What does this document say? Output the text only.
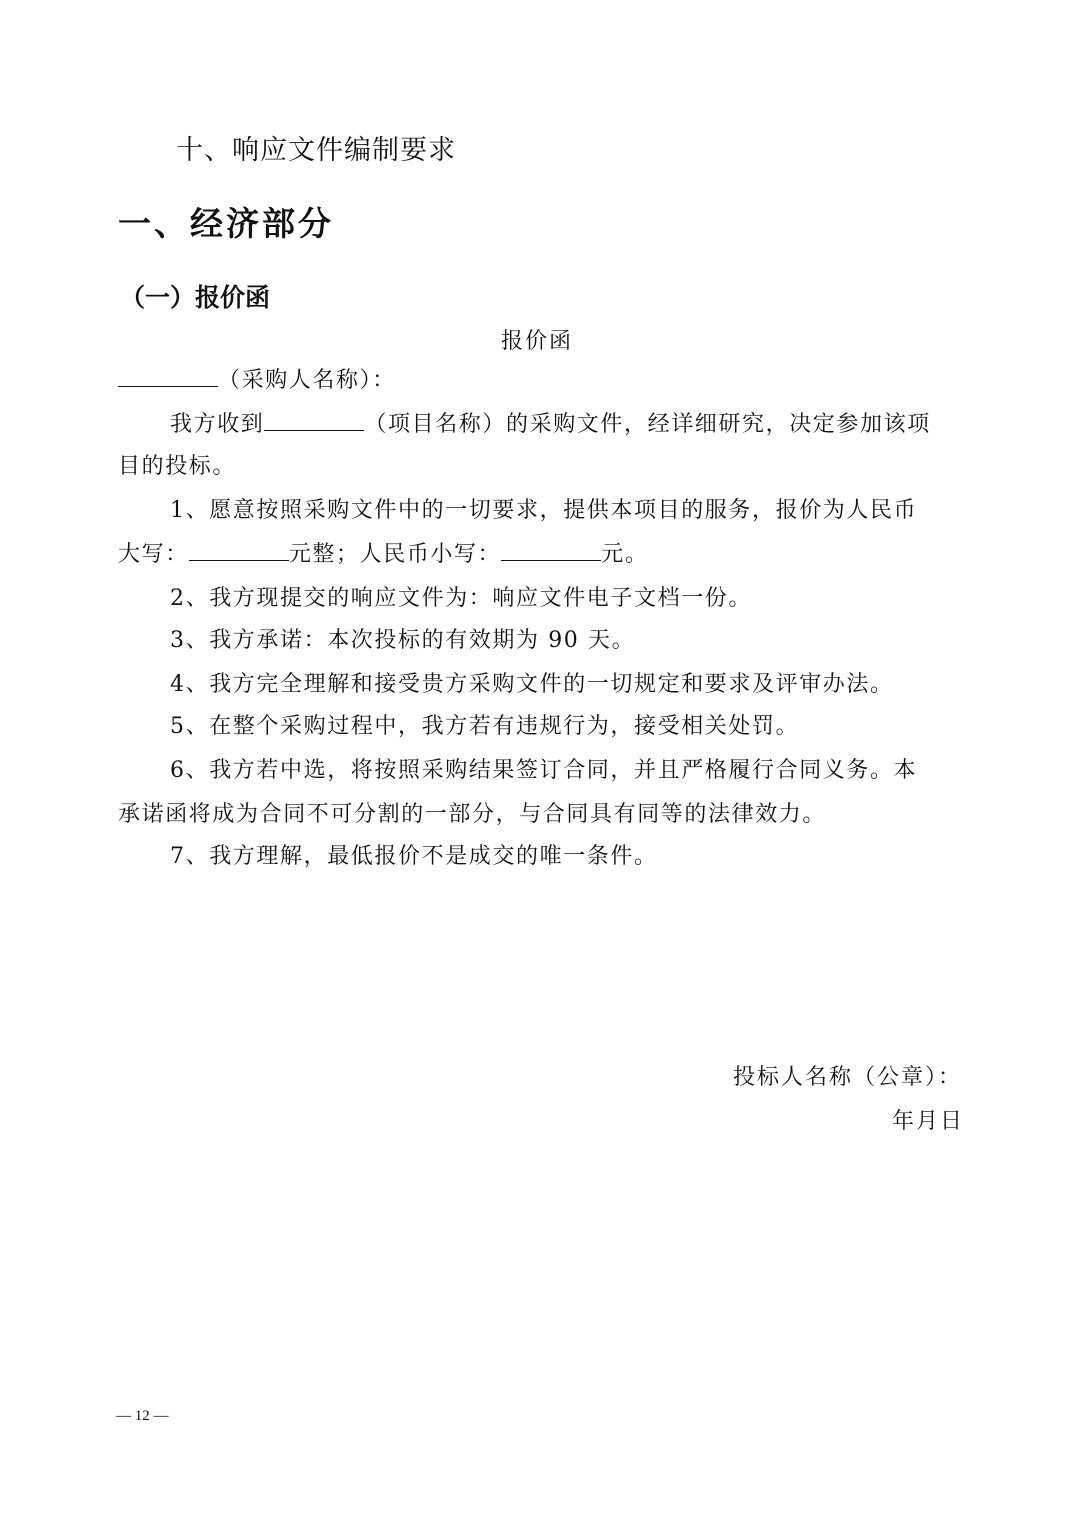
十、响应文件编制要求
一、经济部分
（一）报价函
报价函
（采购人名称）：
我方收到	（项目名称）的采购文件，经详细研究，决定参加该项
目的投标。
1、愿意按照采购文件中的一切要求，提供本项目的服务，报价为人民币
大写：	元整；人民币小写：	元。
2、我方现提交的响应文件为：响应文件电子文档一份。
3、我方承诺：本次投标的有效期为 90 天。
4、我方完全理解和接受贵方采购文件的一切规定和要求及评审办法。
5、在整个采购过程中，我方若有违规行为，接受相关处罚。
6、我方若中选，将按照采购结果签订合同，并且严格履行合同义务。本
承诺函将成为合同不可分割的一部分，与合同具有同等的法律效力。
7、我方理解，最低报价不是成交的唯一条件。
投标人名称（公章）：
年月日
— 12 —
